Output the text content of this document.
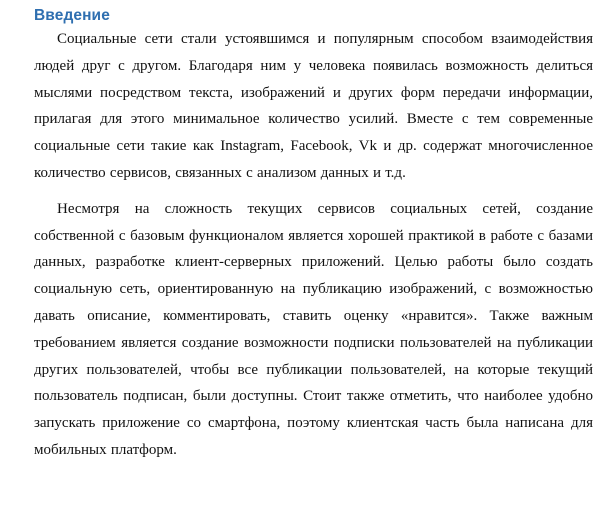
Введение

Социальные сети стали устоявшимся и популярным способом взаимодействия людей друг с другом. Благодаря ним у человека появилась возможность делиться мыслями посредством текста, изображений и других форм передачи информации, прилагая для этого минимальное количество усилий. Вместе с тем современные социальные сети такие как Instagram, Facebook, Vk и др. содержат многочисленное количество сервисов, связанных с анализом данных и т.д.

Несмотря на сложность текущих сервисов социальных сетей, создание собственной с базовым функционалом является хорошей практикой в работе с базами данных, разработке клиент-серверных приложений. Целью работы было создать социальную сеть, ориентированную на публикацию изображений, с возможностью давать описание, комментировать, ставить оценку «нравится». Также важным требованием является создание возможности подписки пользователей на публикации других пользователей, чтобы все публикации пользователей, на которые текущий пользователь подписан, были доступны. Стоит также отметить, что наиболее удобно запускать приложение со смартфона, поэтому клиентская часть была написана для мобильных платформ.
